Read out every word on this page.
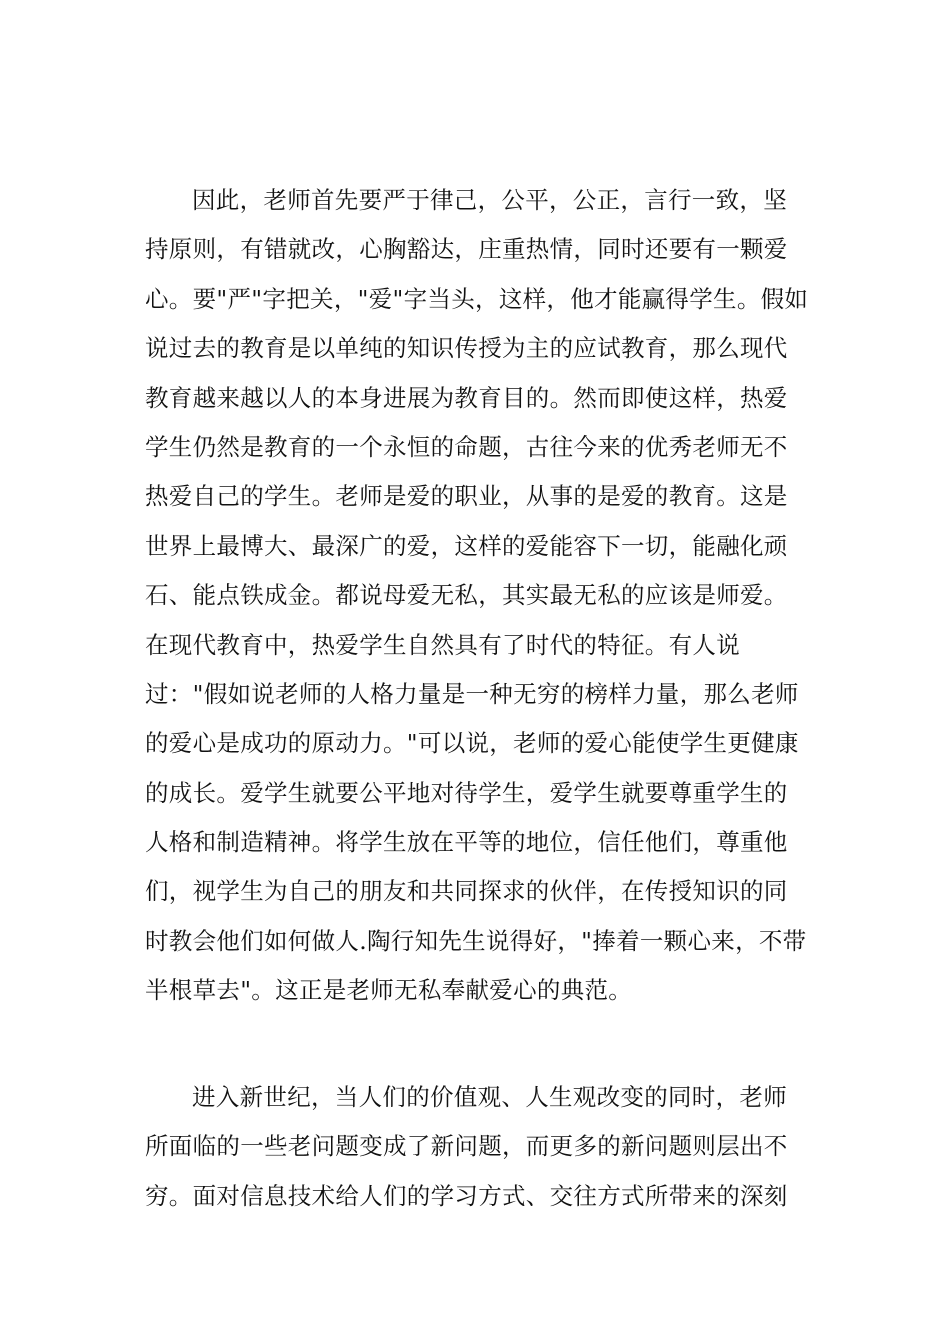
因此，老师首先要严于律己，公平，公正，言行一致，坚
持原则，有错就改，心胸豁达，庄重热情，同时还要有一颗爱
心。要"严"字把关，"爱"字当头，这样，他才能赢得学生。假如
说过去的教育是以单纯的知识传授为主的应试教育，那么现代
教育越来越以人的本身进展为教育目的。然而即使这样，热爱
学生仍然是教育的一个永恒的命题，古往今来的优秀老师无不
热爱自己的学生。老师是爱的职业，从事的是爱的教育。这是
世界上最博大、最深广的爱，这样的爱能容下一切，能融化顽
石、能点铁成金。都说母爱无私，其实最无私的应该是师爱。
在现代教育中，热爱学生自然具有了时代的特征。有人说
过："假如说老师的人格力量是一种无穷的榜样力量，那么老师
的爱心是成功的原动力。"可以说，老师的爱心能使学生更健康
的成长。爱学生就要公平地对待学生，爱学生就要尊重学生的
人格和制造精神。将学生放在平等的地位，信任他们，尊重他
们，视学生为自己的朋友和共同探求的伙伴，在传授知识的同
时教会他们如何做人.陶行知先生说得好，"捧着一颗心来，不带
半根草去"。这正是老师无私奉献爱心的典范。
进入新世纪，当人们的价值观、人生观改变的同时，老师
所面临的一些老问题变成了新问题，而更多的新问题则层出不
穷。面对信息技术给人们的学习方式、交往方式所带来的深刻
